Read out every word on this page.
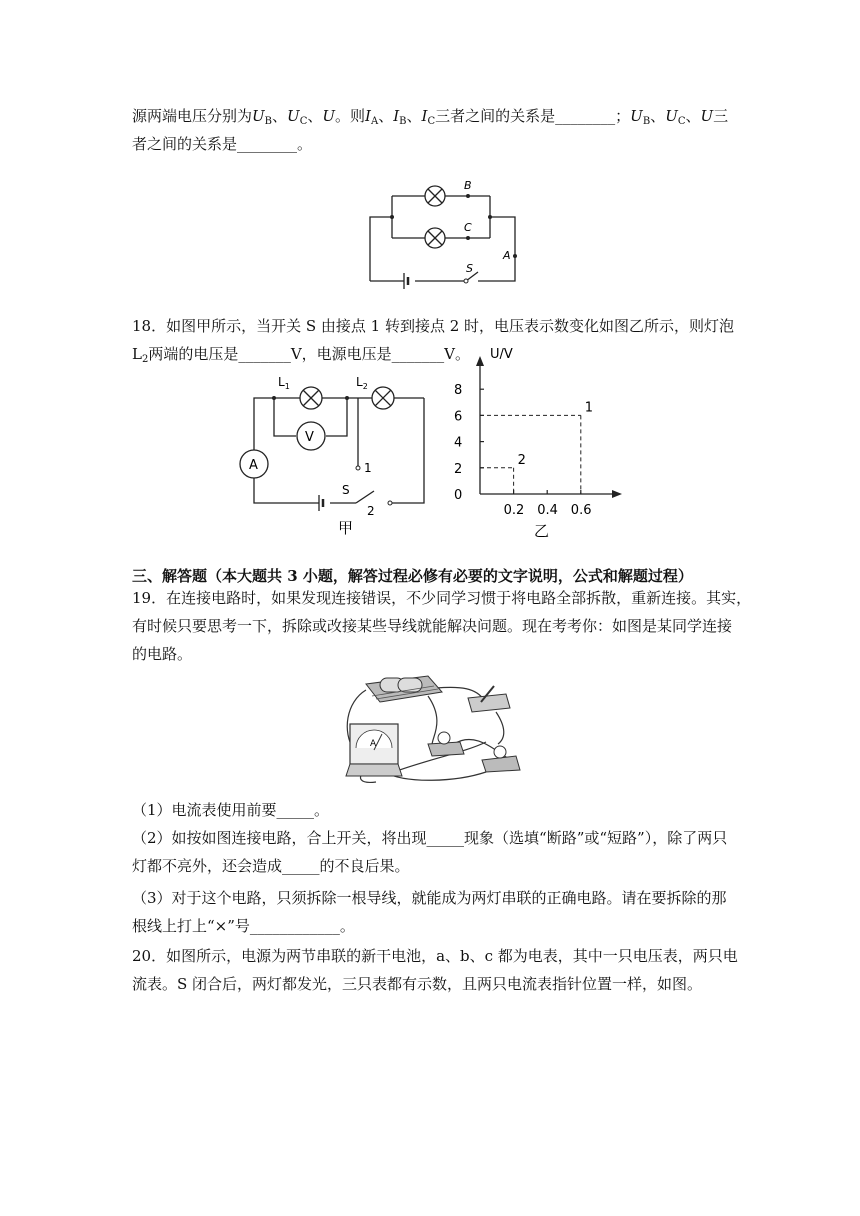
源两端电压分别为$U_B$、$U_C$、U。则$I_A$、$I_B$、$I_C$三者之间的关系是________；$U_B$、$U_C$、U三
者之间的关系是________。
B
C
A
S
18．如图甲所示，当开关 S 由接点 1 转到接点 2 时，电压表示数变化如图乙所示，则灯泡
$L_2$两端的电压是_______V，电源电压是_______V。
V
A
$L_1$	$L_2$
S
1
2
甲
U/V
0
2
4
6
8
0.2 0.4 0.6
2
1
乙
三、解答题（本大题共 3 小题，解答过程必修有必要的文字说明，公式和解题过程）
19．在连接电路时，如果发现连接错误，不少同学习惯于将电路全部拆散，重新连接。其实，
有时候只要思考一下，拆除或改接某些导线就能解决问题。现在考考你：如图是某同学连接
的电路。
A
（1）电流表使用前要_____。
（2）如按如图连接电路，合上开关，将出现_____现象（选填“断路”或“短路”），除了两只
灯都不亮外，还会造成_____的不良后果。
（3）对于这个电路，只须拆除一根导线，就能成为两灯串联的正确电路。请在要拆除的那
根线上打上“×”号____________。
20．如图所示，电源为两节串联的新干电池，a、b、c 都为电表，其中一只电压表，两只电
流表。S 闭合后，两灯都发光，三只表都有示数，且两只电流表指针位置一样，如图。
